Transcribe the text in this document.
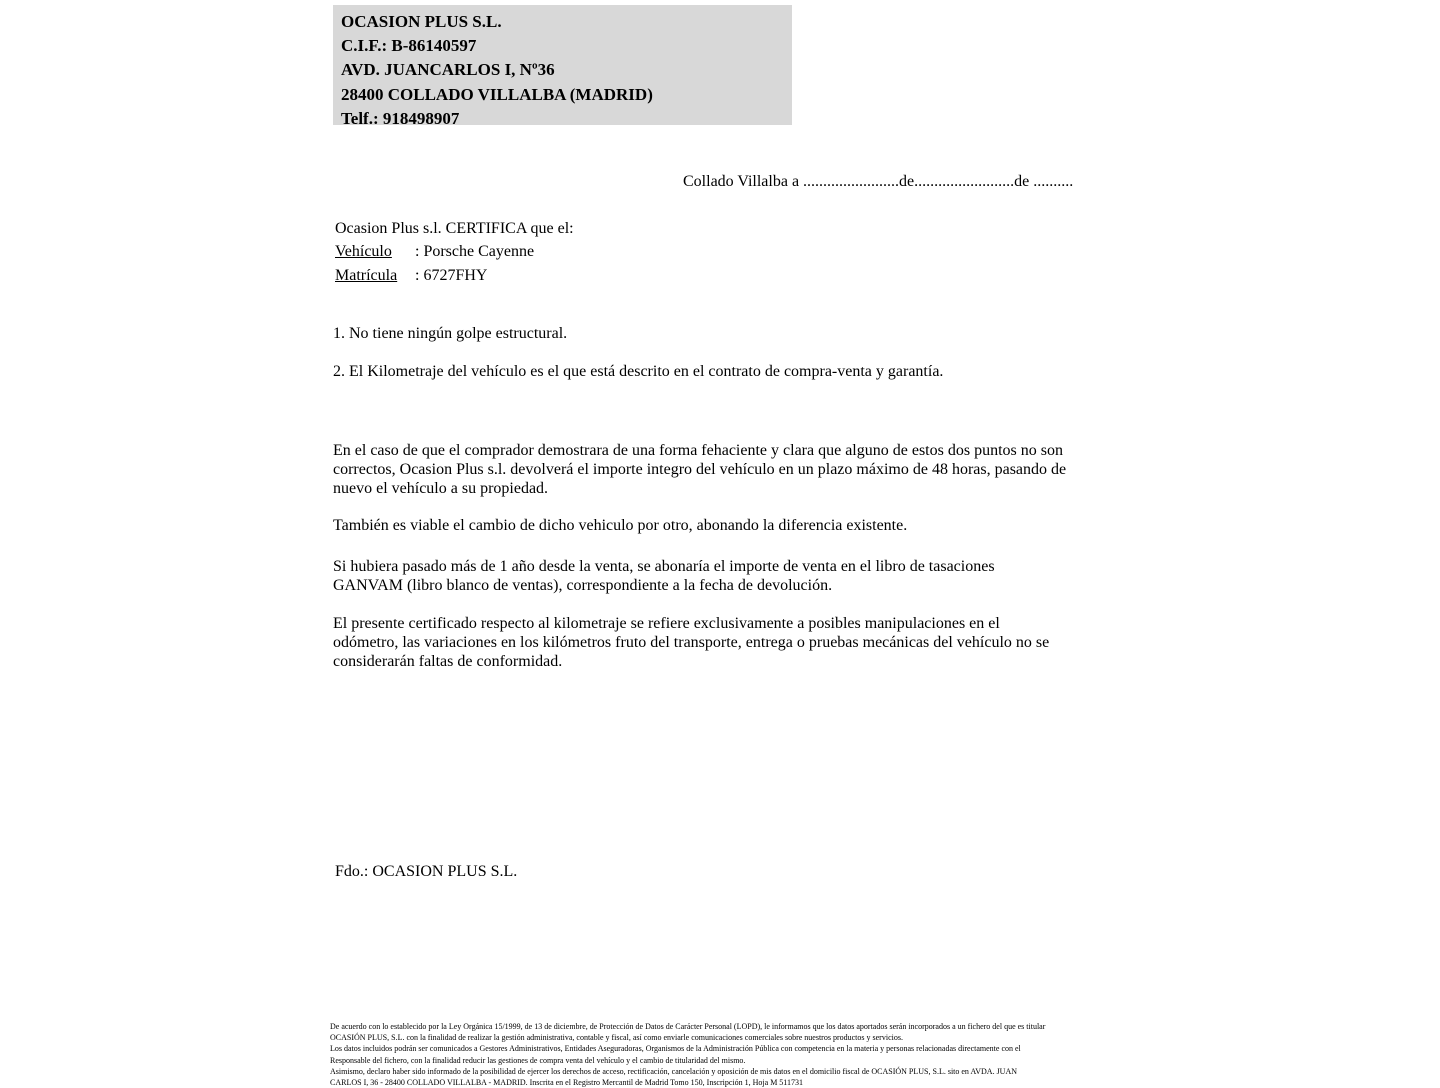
OCASION PLUS S.L.
C.I.F.: B-86140597
AVD. JUANCARLOS I, Nº36
28400 COLLADO VILLALBA (MADRID)
Telf.: 918498907
Collado Villalba a ........................de.........................de ..........
Ocasion Plus s.l. CERTIFICA que el:
Vehículo : Porsche Cayenne
Matrícula : 6727FHY
1. No tiene ningún golpe estructural.
2. El Kilometraje del vehículo es el que está descrito en el contrato de compra-venta y garantía.
En el caso de que el comprador demostrara de una forma fehaciente y clara que alguno de estos dos puntos no son correctos, Ocasion Plus s.l. devolverá el importe integro del vehículo en un plazo máximo de 48 horas, pasando de nuevo el vehículo a su propiedad.
También es viable el cambio de dicho vehiculo por otro, abonando la diferencia existente.
Si hubiera pasado más de 1 año desde la venta, se abonaría el importe de venta en el libro de tasaciones GANVAM (libro blanco de ventas), correspondiente a la fecha de devolución.
El presente certificado respecto al kilometraje se refiere exclusivamente a posibles manipulaciones en el odómetro, las variaciones en los kilómetros fruto del transporte, entrega o pruebas mecánicas del vehículo no se considerarán faltas de conformidad.
Fdo.: OCASION PLUS S.L.
De acuerdo con lo establecido por la Ley Orgánica 15/1999, de 13 de diciembre, de Protección de Datos de Carácter Personal (LOPD), le informamos que los datos aportados serán incorporados a un fichero del que es titular
OCASIÓN PLUS, S.L. con la finalidad de realizar la gestión administrativa, contable y fiscal, así como enviarle comunicaciones comerciales sobre nuestros productos y servicios.
Los datos incluidos podrán ser comunicados a Gestores Administrativos, Entidades Aseguradoras, Organismos de la Administración Pública con competencia en la materia y personas relacionadas directamente con el
Responsable del fichero, con la finalidad reducir las gestiones de compra venta del vehículo y el cambio de titularidad del mismo.
Asimismo, declaro haber sido informado de la posibilidad de ejercer los derechos de acceso, rectificación, cancelación y oposición de mis datos en el domicilio fiscal de OCASIÓN PLUS, S.L. sito en AVDA. JUAN
CARLOS I, 36 - 28400 COLLADO VILLALBA - MADRID. Inscrita en el Registro Mercantil de Madrid Tomo 150, Inscripción 1, Hoja M 511731
